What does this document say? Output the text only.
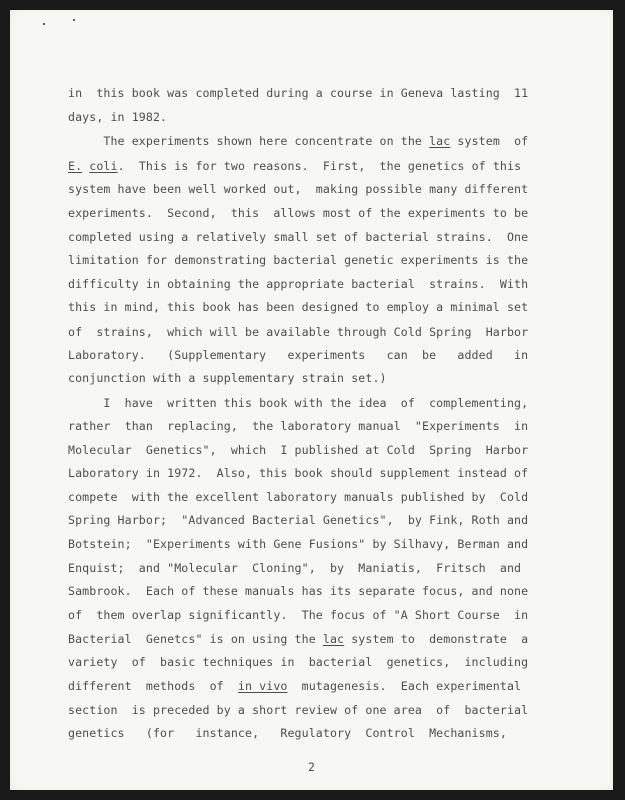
in  this book was completed during a course in Geneva lasting  11
days, in 1982.
The experiments shown here concentrate on the lac system  of
E. coli.  This is for two reasons.  First,  the genetics of this
system have been well worked out,  making possible many different
experiments.  Second,  this  allows most of the experiments to be
completed using a relatively small set of bacterial strains.  One
limitation for demonstrating bacterial genetic experiments is the
difficulty in obtaining the appropriate bacterial  strains.  With
this in mind, this book has been designed to employ a minimal set
of  strains,  which will be available through Cold Spring  Harbor
Laboratory.   (Supplementary   experiments   can  be   added   in
conjunction with a supplementary strain set.)
I  have  written this book with the idea  of  complementing,
rather  than  replacing,  the laboratory manual  "Experiments  in
Molecular  Genetics",  which  I published at Cold  Spring  Harbor
Laboratory in 1972.  Also, this book should supplement instead of
compete  with the excellent laboratory manuals published by  Cold
Spring Harbor;  "Advanced Bacterial Genetics",  by Fink, Roth and
Botstein;  "Experiments with Gene Fusions" by Silhavy, Berman and
Enquist;  and "Molecular  Cloning",  by  Maniatis,  Fritsch  and
Sambrook.  Each of these manuals has its separate focus, and none
of  them overlap significantly.  The focus of "A Short Course  in
Bacterial  Genetcs" is on using the lac system to  demonstrate  a
variety  of  basic techniques in  bacterial  genetics,  including
different  methods  of  in vivo  mutagenesis.  Each experimental
section  is preceded by a short review of one area  of  bacterial
genetics   (for   instance,   Regulatory  Control  Mechanisms,
2
